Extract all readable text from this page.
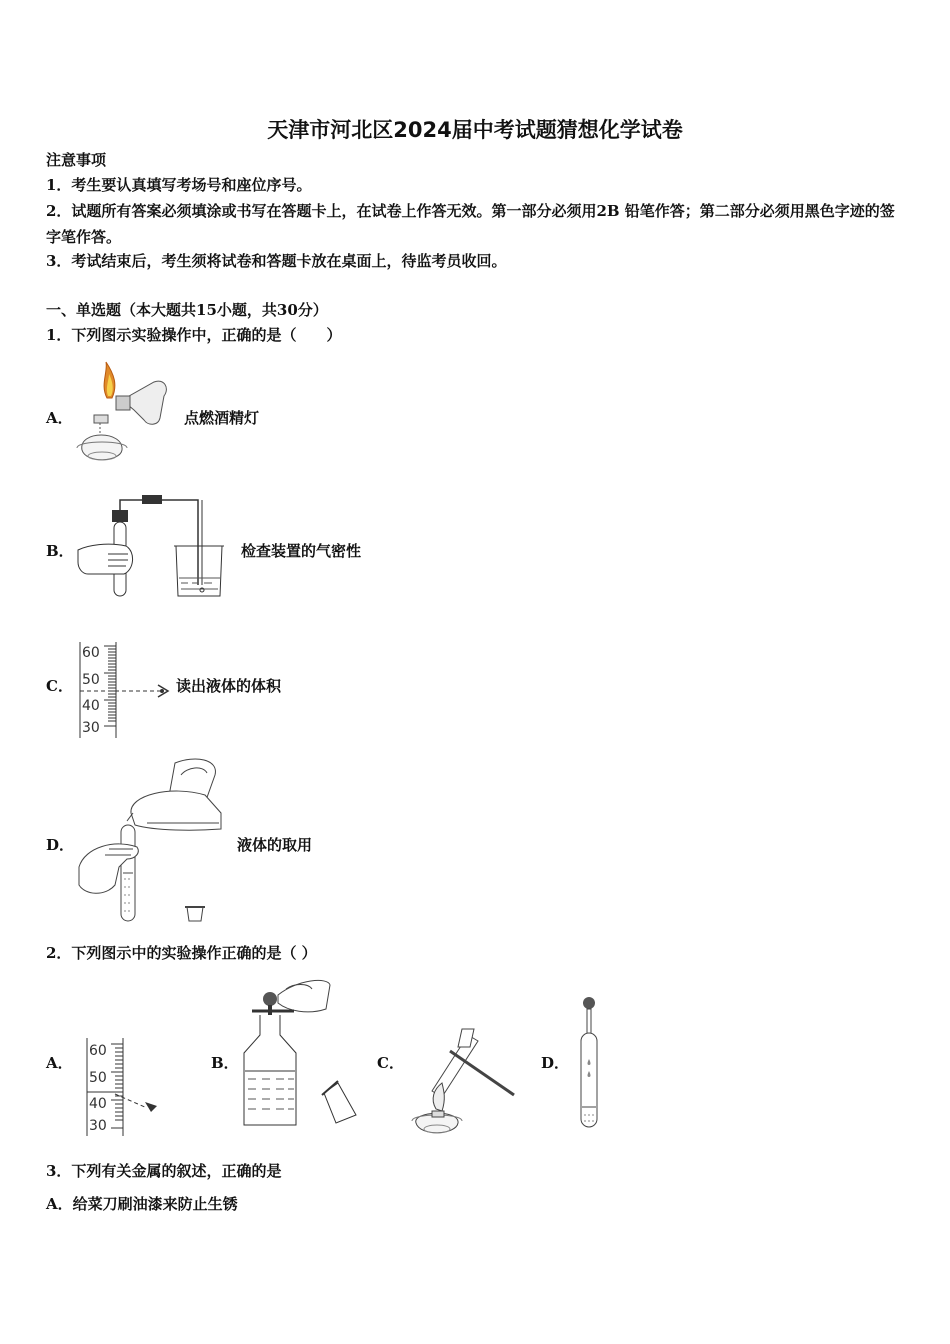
天津市河北区2024届中考试题猜想化学试卷
注意事项
1．考生要认真填写考场号和座位序号。
2．试题所有答案必须填涂或书写在答题卡上，在试卷上作答无效。第一部分必须用2B 铅笔作答；第二部分必须用黑色字迹的签字笔作答。
3．考试结束后，考生须将试卷和答题卡放在桌面上，待监考员收回。
一、单选题（本大题共15小题，共30分）
1．下列图示实验操作中，正确的是（　　）
A．	点燃酒精灯
B．	检查装置的气密性
C．
60
50
40
30
读出液体的体积
D．	液体的取用
2．下列图示中的实验操作正确的是（ ）
A．
60
50
40
30
B．	C．	D．
3．下列有关金属的叙述，正确的是
A．给菜刀刷油漆来防止生锈
